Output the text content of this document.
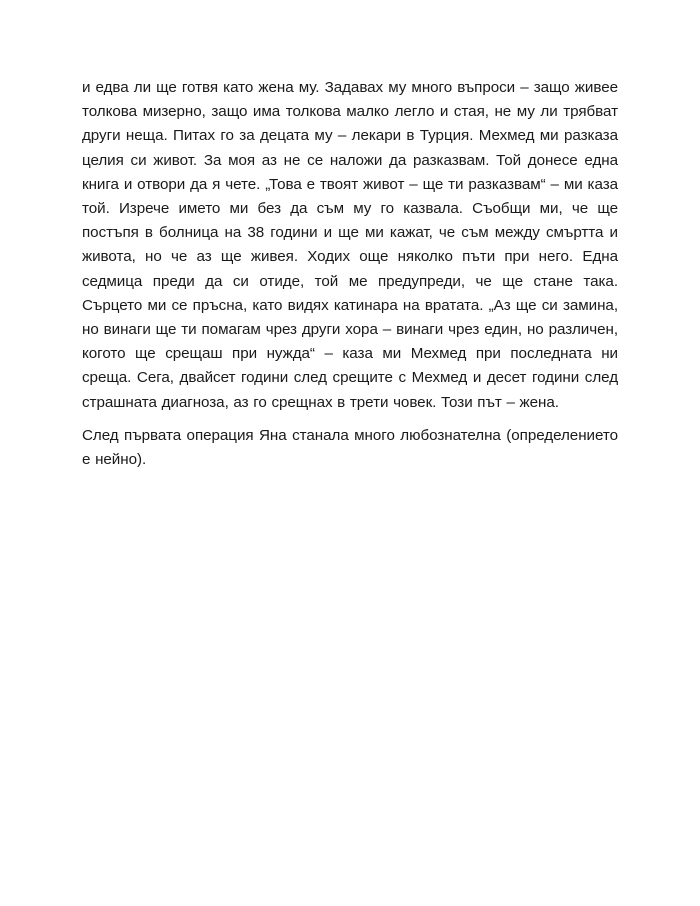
и едва ли ще готвя като жена му. Задавах му много въпроси – защо живее толкова мизерно, защо има толкова малко легло и стая, не му ли трябват други неща. Питах го за децата му – лекари в Турция. Мехмед ми разказа целия си живот. За моя аз не се наложи да разказвам. Той донесе една книга и отвори да я чете. „Това е твоят живот – ще ти разказвам“ – ми каза той. Изрече името ми без да съм му го казвала. Съобщи ми, че ще постъпя в болница на 38 години и ще ми кажат, че съм между смъртта и живота, но че аз ще живея. Ходих още няколко пъти при него. Една седмица преди да си отиде, той ме предупреди, че ще стане така. Сърцето ми се пръсна, като видях катинара на вратата. „Аз ще си замина, но винаги ще ти помагам чрез други хора – винаги чрез един, но различен, когото ще срещаш при нужда“ – каза ми Мехмед при последната ни среща. Сега, двайсет години след срещите с Мехмед и десет години след страшната диагноза, аз го срещнах в трети човек. Този път – жена.

След първата операция Яна станала много любознателна (определението е нейно).
